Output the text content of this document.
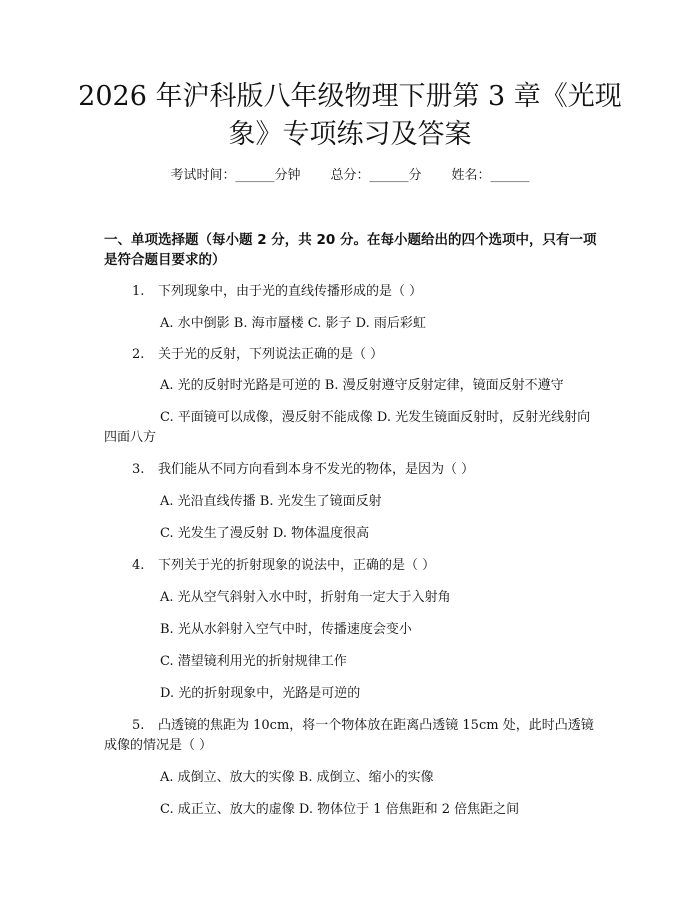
2026 年沪科版八年级物理下册第 3 章《光现
象》专项练习及答案
考试时间：______分钟 总分：______分 姓名：______
一、单项选择题（每小题 2 分，共 20 分。在每小题给出的四个选项中，只有一项是符合题目要求的）
1. 下列现象中，由于光的直线传播形成的是（ ）
A. 水中倒影 B. 海市蜃楼 C. 影子 D. 雨后彩虹
2. 关于光的反射，下列说法正确的是（ ）
A. 光的反射时光路是可逆的 B. 漫反射遵守反射定律，镜面反射不遵守
C. 平面镜可以成像，漫反射不能成像 D. 光发生镜面反射时，反射光线射向四面八方
3. 我们能从不同方向看到本身不发光的物体，是因为（ ）
A. 光沿直线传播 B. 光发生了镜面反射
C. 光发生了漫反射 D. 物体温度很高
4. 下列关于光的折射现象的说法中，正确的是（ ）
A. 光从空气斜射入水中时，折射角一定大于入射角
B. 光从水斜射入空气中时，传播速度会变小
C. 潜望镜利用光的折射规律工作
D. 光的折射现象中，光路是可逆的
5. 凸透镜的焦距为 10cm，将一个物体放在距离凸透镜 15cm 处，此时凸透镜成像的情况是（ ）
A. 成倒立、放大的实像 B. 成倒立、缩小的实像
C. 成正立、放大的虚像 D. 物体位于 1 倍焦距和 2 倍焦距之间
